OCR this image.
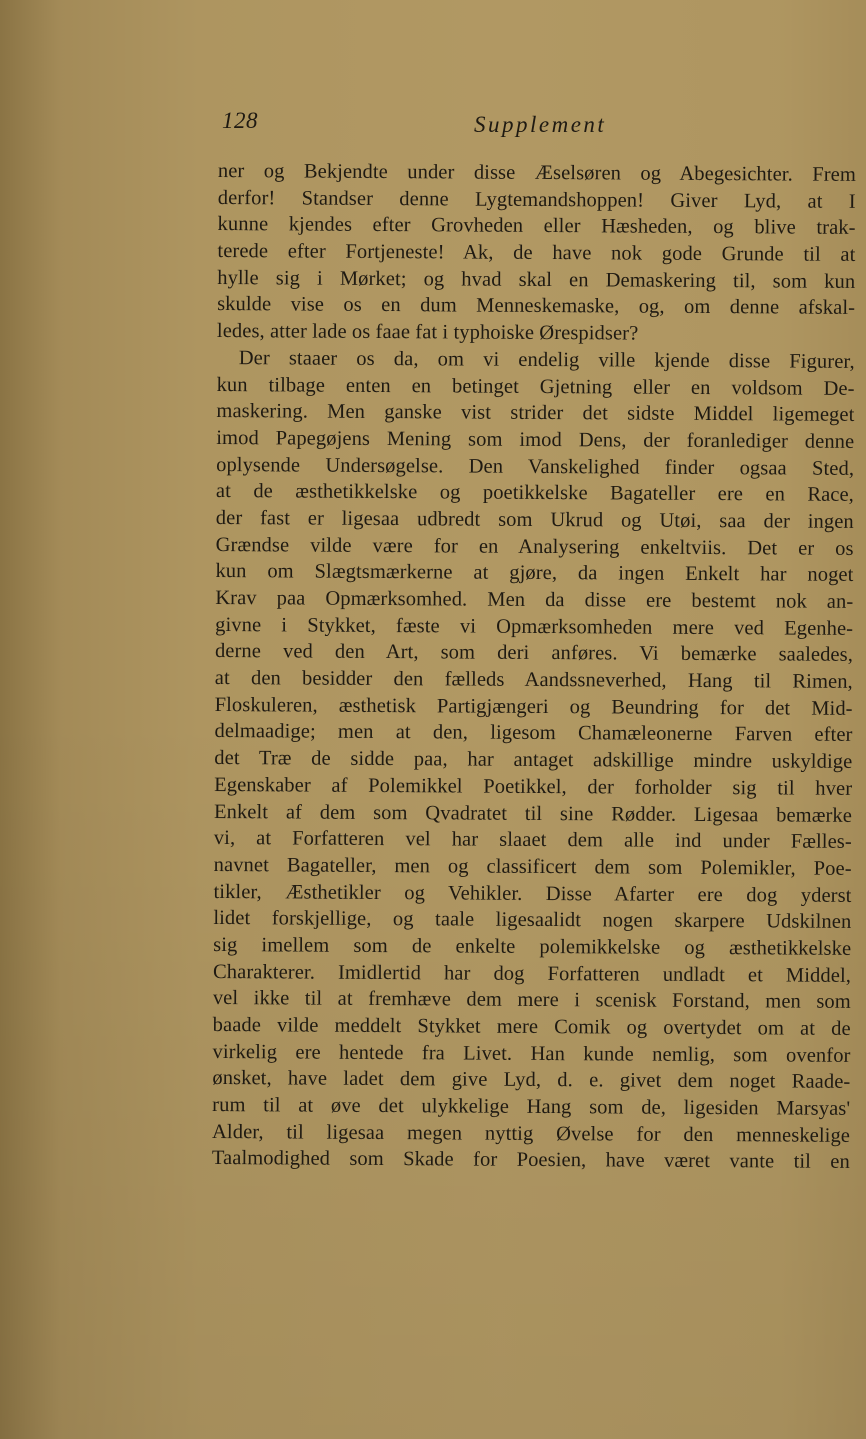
128	Supplement
ner og Bekjendte under disse Æselsøren og Abegesichter. Frem
derfor! Standser denne Lygtemandshoppen! Giver Lyd, at I
kunne kjendes efter Grovheden eller Hæsheden, og blive trak-
terede efter Fortjeneste! Ak, de have nok gode Grunde til at
hylle sig i Mørket; og hvad skal en Demaskering til, som kun
skulde vise os en dum Menneskemaske, og, om denne afskal-
ledes, atter lade os faae fat i typhoiske Ørespidser?
Der staaer os da, om vi endelig ville kjende disse Figurer,
kun tilbage enten en betinget Gjetning eller en voldsom De-
maskering. Men ganske vist strider det sidste Middel ligemeget
imod Papegøjens Mening som imod Dens, der foranlediger denne
oplysende Undersøgelse. Den Vanskelighed finder ogsaa Sted,
at de æsthetikkelske og poetikkelske Bagateller ere en Race,
der fast er ligesaa udbredt som Ukrud og Utøi, saa der ingen
Grændse vilde være for en Analysering enkeltviis. Det er os
kun om Slægtsmærkerne at gjøre, da ingen Enkelt har noget
Krav paa Opmærksomhed. Men da disse ere bestemt nok an-
givne i Stykket, fæste vi Opmærksomheden mere ved Egenhe-
derne ved den Art, som deri anføres. Vi bemærke saaledes,
at den besidder den fælleds Aandssneverhed, Hang til Rimen,
Floskuleren, æsthetisk Partigjængeri og Beundring for det Mid-
delmaadige; men at den, ligesom Chamæleonerne Farven efter
det Træ de sidde paa, har antaget adskillige mindre uskyldige
Egenskaber af Polemikkel Poetikkel, der forholder sig til hver
Enkelt af dem som Qvadratet til sine Rødder. Ligesaa bemærke
vi, at Forfatteren vel har slaaet dem alle ind under Fælles-
navnet Bagateller, men og classificert dem som Polemikler, Poe-
tikler, Æsthetikler og Vehikler. Disse Afarter ere dog yderst
lidet forskjellige, og taale ligesaalidt nogen skarpere Udskilnen
sig imellem som de enkelte polemikkelske og æsthetikkelske
Charakterer. Imidlertid har dog Forfatteren undladt et Middel,
vel ikke til at fremhæve dem mere i scenisk Forstand, men som
baade vilde meddelt Stykket mere Comik og overtydet om at de
virkelig ere hentede fra Livet. Han kunde nemlig, som ovenfor
ønsket, have ladet dem give Lyd, d. e. givet dem noget Raade-
rum til at øve det ulykkelige Hang som de, ligesiden Marsyas'
Alder, til ligesaa megen nyttig Øvelse for den menneskelige
Taalmodighed som Skade for Poesien, have været vante til en
